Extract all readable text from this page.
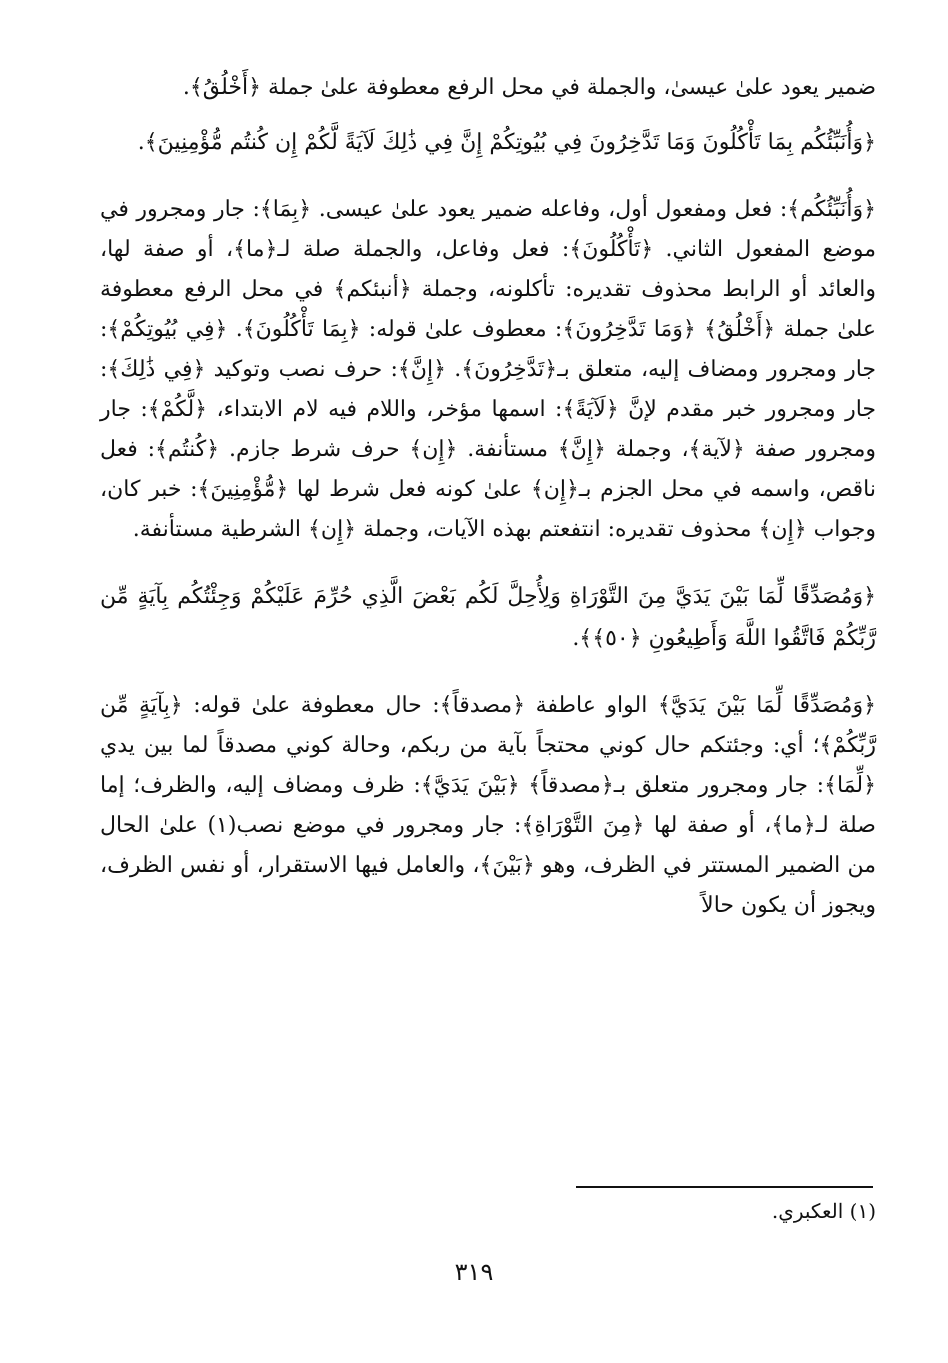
ضمير يعود علىٰ عيسىٰ، والجملة في محل الرفع معطوفة علىٰ جملة ﴿أَخْلُقُ﴾.

﴿وَأُنَبِّئُكُم بِمَا تَأْكُلُونَ وَمَا تَدَّخِرُونَ فِي بُيُوتِكُمْ إِنَّ فِي ذَٰلِكَ لَآيَةً لَّكُمْ إِن كُنتُم مُّؤْمِنِينَ﴾.

﴿وَأُنَبِّئُكُم﴾: فعل ومفعول أول، وفاعله ضمير يعود علىٰ عيسى. ﴿بِمَا﴾: جار ومجرور في موضع المفعول الثاني. ﴿تَأْكُلُونَ﴾: فعل وفاعل، والجملة صلة لـ﴿ما﴾، أو صفة لها، والعائد أو الرابط محذوف تقديره: تأكلونه، وجملة ﴿أنبئكم﴾ في محل الرفع معطوفة علىٰ جملة ﴿أَخْلُقُ﴾ ﴿وَمَا تَدَّخِرُونَ﴾: معطوف علىٰ قوله: ﴿بِمَا تَأْكُلُونَ﴾. ﴿فِي بُيُوتِكُمْ﴾: جار ومجرور ومضاف إليه، متعلق بـ﴿تَدَّخِرُونَ﴾. ﴿إِنَّ﴾: حرف نصب وتوكيد ﴿فِي ذَٰلِكَ﴾: جار ومجرور خبر مقدم لإنَّ ﴿لَآيَةً﴾: اسمها مؤخر، واللام فيه لام الابتداء، ﴿لَّكُمْ﴾: جار ومجرور صفة ﴿لآية﴾، وجملة ﴿إِنَّ﴾ مستأنفة. ﴿إِن﴾ حرف شرط جازم. ﴿كُنتُم﴾: فعل ناقص، واسمه في محل الجزم بـ﴿إِن﴾ علىٰ كونه فعل شرط لها ﴿مُّؤْمِنِينَ﴾: خبر كان، وجواب ﴿إِن﴾ محذوف تقديره: انتفعتم بهذه الآيات، وجملة ﴿إِن﴾ الشرطية مستأنفة.

﴿وَمُصَدِّقًا لِّمَا بَيْنَ يَدَيَّ مِنَ التَّوْرَاةِ وَلِأُحِلَّ لَكُم بَعْضَ الَّذِي حُرِّمَ عَلَيْكُمْ وَجِئْتُكُم بِآيَةٍ مِّن رَّبِّكُمْ فَاتَّقُوا اللَّهَ وَأَطِيعُونِ ﴿٥٠﴾﴾.

﴿وَمُصَدِّقًا لِّمَا بَيْنَ يَدَيَّ﴾ الواو عاطفة ﴿مصدقاً﴾: حال معطوفة علىٰ قوله: ﴿بِآيَةٍ مِّن رَّبِّكُمْ﴾؛ أي: وجئتكم حال كوني محتجاً بآية من ربكم، وحالة كوني مصدقاً لما بين يدي ﴿لِّمَا﴾: جار ومجرور متعلق بـ﴿مصدقاً﴾ ﴿بَيْنَ يَدَيَّ﴾: ظرف ومضاف إليه، والظرف؛ إما صلة لـ﴿ما﴾، أو صفة لها ﴿مِنَ التَّوْرَاةِ﴾: جار ومجرور في موضع نصب(١) علىٰ الحال من الضمير المستتر في الظرف، وهو ﴿بَيْنَ﴾، والعامل فيها الاستقرار، أو نفس الظرف، ويجوز أن يكون حالاً

(١) العكبري.

٣١٩
